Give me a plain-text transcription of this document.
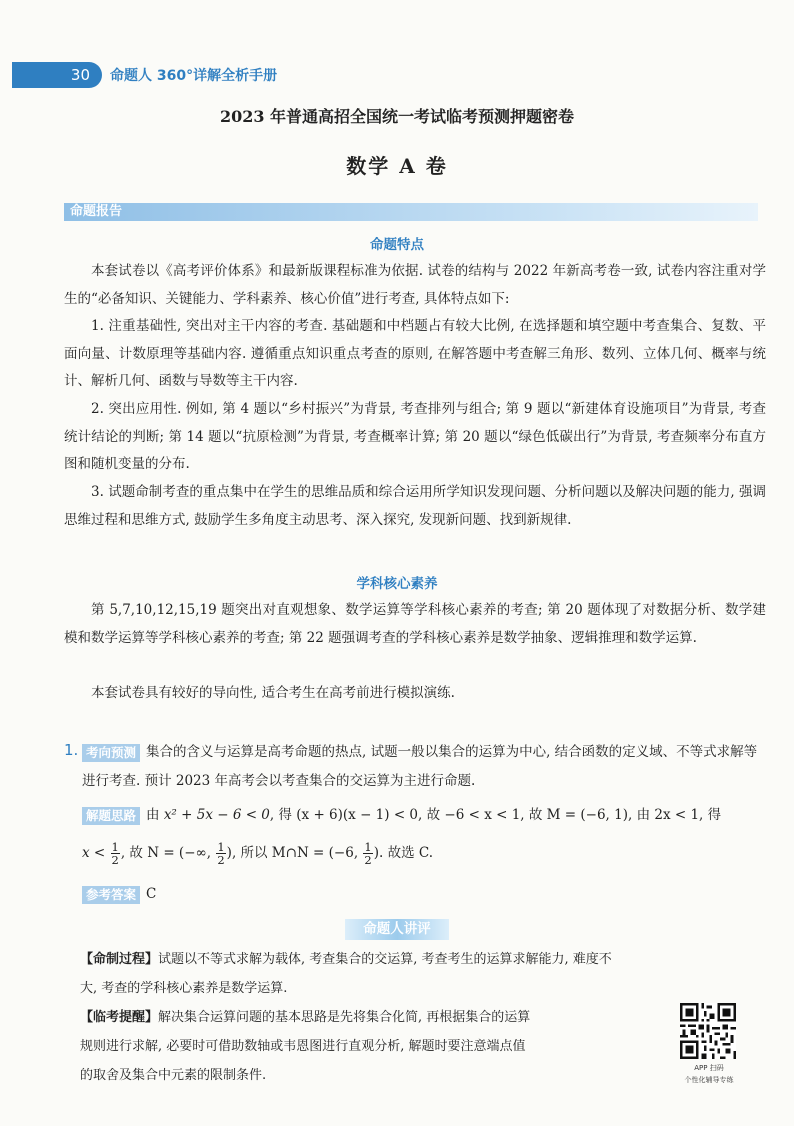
30	命题人 360°详解全析手册
2023 年普通高招全国统一考试临考预测押题密卷
数学 A 卷
命题报告
命题特点
本套试卷以《高考评价体系》和最新版课程标准为依据. 试卷的结构与 2022 年新高考卷一致, 试卷内容注重对学生的“必备知识、关键能力、学科素养、核心价值”进行考查, 具体特点如下:
1. 注重基础性, 突出对主干内容的考查. 基础题和中档题占有较大比例, 在选择题和填空题中考查集合、复数、平面向量、计数原理等基础内容. 遵循重点知识重点考查的原则, 在解答题中考查解三角形、数列、立体几何、概率与统计、解析几何、函数与导数等主干内容.
2. 突出应用性. 例如, 第 4 题以“乡村振兴”为背景, 考查排列与组合; 第 9 题以“新建体育设施项目”为背景, 考查统计结论的判断; 第 14 题以“抗原检测”为背景, 考查概率计算; 第 20 题以“绿色低碳出行”为背景, 考查频率分布直方图和随机变量的分布.
3. 试题命制考查的重点集中在学生的思维品质和综合运用所学知识发现问题、分析问题以及解决问题的能力, 强调思维过程和思维方式, 鼓励学生多角度主动思考、深入探究, 发现新问题、找到新规律.
学科核心素养
第 5,7,10,12,15,19 题突出对直观想象、数学运算等学科核心素养的考查; 第 20 题体现了对数据分析、数学建模和数学运算等学科核心素养的考查; 第 22 题强调考查的学科核心素养是数学抽象、逻辑推理和数学运算.
本套试卷具有较好的导向性, 适合考生在高考前进行模拟演练.
1. 考向预测 集合的含义与运算是高考命题的热点, 试题一般以集合的运算为中心, 结合函数的定义域、不等式求解等进行考查. 预计 2023 年高考会以考查集合的交运算为主进行命题.
解题思路 由 x² + 5x − 6 < 0, 得 (x + 6)(x − 1) < 0, 故 −6 < x < 1, 故 M = (−6, 1), 由 2x < 1, 得
$x < \frac{1}{2}$ , 故 N = (−∞, $\frac{1}{2}$ ), 所以 M∩N = (−6, $\frac{1}{2}$ ). 故选 C.
参考答案 C
命题人讲评
【命制过程】试题以不等式求解为载体, 考查集合的交运算, 考查考生的运算求解能力, 难度不
大, 考查的学科核心素养是数学运算.
【临考提醒】解决集合运算问题的基本思路是先将集合化简, 再根据集合的运算
规则进行求解, 必要时可借助数轴或韦恩图进行直观分析, 解题时要注意端点值
的取舍及集合中元素的限制条件.	APP 扫码
个性化辅导专练
